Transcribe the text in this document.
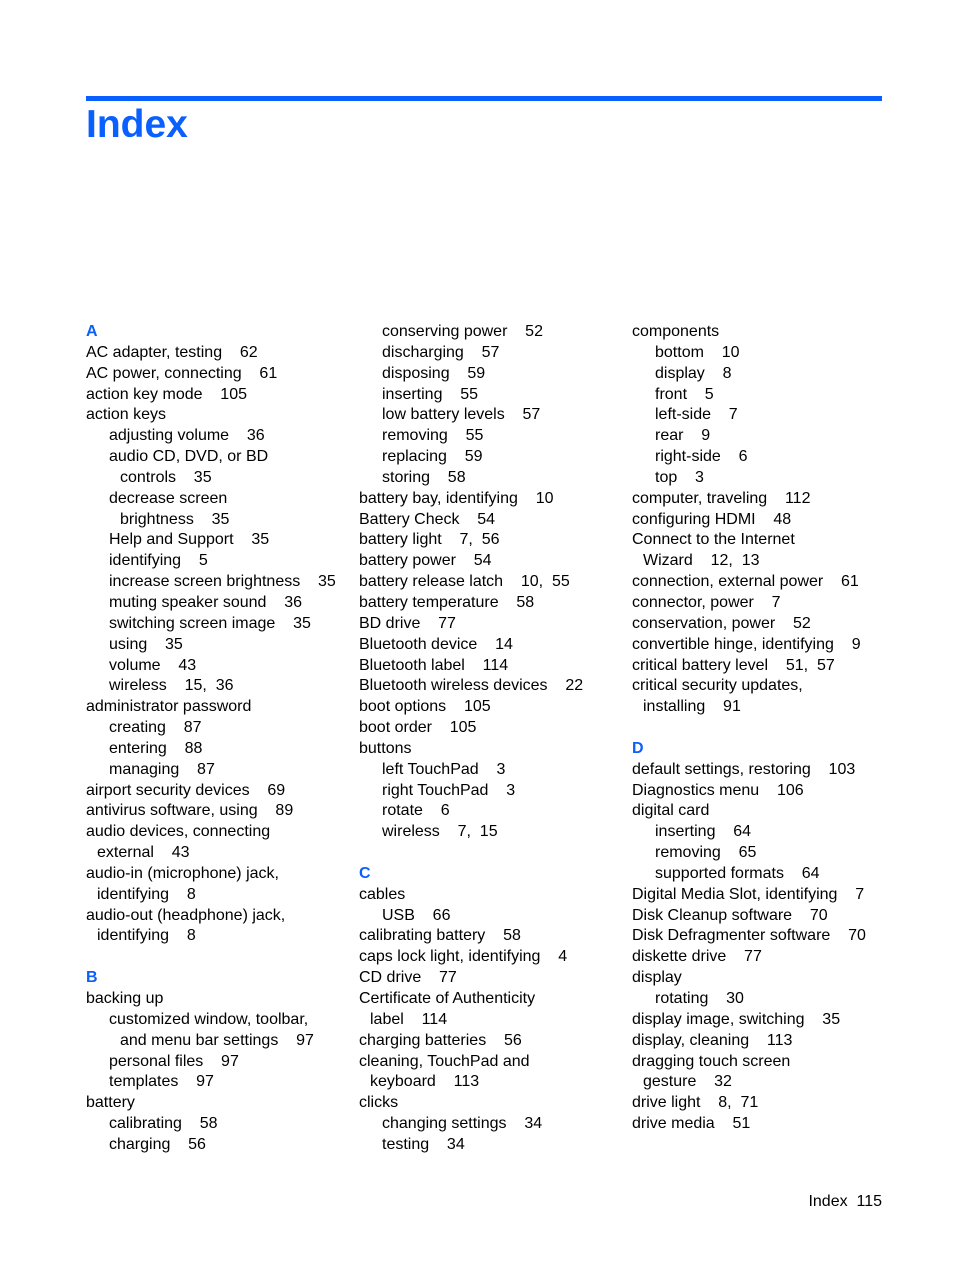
Index
A
AC adapter, testing    62
AC power, connecting    61
action key mode    105
action keys
adjusting volume    36
audio CD, DVD, or BD
controls    35
decrease screen
brightness    35
Help and Support    35
identifying    5
increase screen brightness    35
muting speaker sound    36
switching screen image    35
using    35
volume    43
wireless    15,  36
administrator password
creating    87
entering    88
managing    87
airport security devices    69
antivirus software, using    89
audio devices, connecting
external    43
audio-in (microphone) jack,
identifying    8
audio-out (headphone) jack,
identifying    8
B
backing up
customized window, toolbar,
and menu bar settings    97
personal files    97
templates    97
battery
calibrating    58
charging    56
conserving power    52
discharging    57
disposing    59
inserting    55
low battery levels    57
removing    55
replacing    59
storing    58
battery bay, identifying    10
Battery Check    54
battery light    7,  56
battery power    54
battery release latch    10,  55
battery temperature    58
BD drive    77
Bluetooth device    14
Bluetooth label    114
Bluetooth wireless devices    22
boot options    105
boot order    105
buttons
left TouchPad    3
right TouchPad    3
rotate    6
wireless    7,  15
C
cables
USB    66
calibrating battery    58
caps lock light, identifying    4
CD drive    77
Certificate of Authenticity
label    114
charging batteries    56
cleaning, TouchPad and
keyboard    113
clicks
changing settings    34
testing    34
components
bottom    10
display    8
front    5
left-side    7
rear    9
right-side    6
top    3
computer, traveling    112
configuring HDMI    48
Connect to the Internet
Wizard    12,  13
connection, external power    61
connector, power    7
conservation, power    52
convertible hinge, identifying    9
critical battery level    51,  57
critical security updates,
installing    91
D
default settings, restoring    103
Diagnostics menu    106
digital card
inserting    64
removing    65
supported formats    64
Digital Media Slot, identifying    7
Disk Cleanup software    70
Disk Defragmenter software    70
diskette drive    77
display
rotating    30
display image, switching    35
display, cleaning    113
dragging touch screen
gesture    32
drive light    8,  71
drive media    51
Index 115
